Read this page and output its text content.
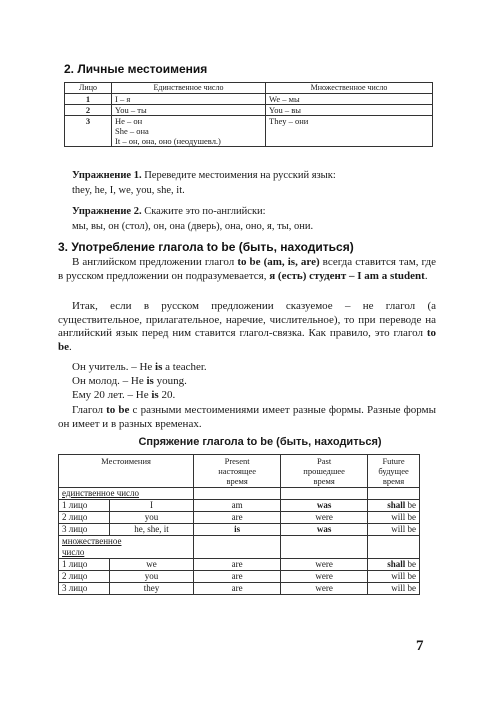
2. Личные местоимения
Лицо	Единственное число	Множественное число
1	I – я	We – мы
2	You – ты	You – вы
3	He – он
She – она
It – он, она, оно (неодушевл.)	They – они
Упражнение 1. Переведите местоимения на русский язык:
they, he, I, we, you, she, it.
Упражнение 2. Скажите это по-английски:
мы, вы, он (стол), он, она (дверь), она, оно, я, ты, они.
3. Употребление глагола to be (быть, находиться)
В английском предложении глагол to be (am, is, are) всегда ставится там, где в русском предложении он подразумевается, я (есть) студент – I am a student.
Итак, если в русском предложении сказуемое – не глагол (а существительное, прилагательное, наречие, числительное), то при переводе на английский язык перед ним ставится глагол-связка. Как правило, это глагол to be.
Он учитель. – He is a teacher.
Он молод. – He is young.
Ему 20 лет. – He is 20.
Глагол to be с разными местоимениями имеет разные формы. Разные формы он имеет и в разных временах.
Спряжение глагола to be (быть, находиться)
Местоимения		Present
настоящее
время	Past
прошедшее
время	Future
будущее
время
единственное число				
1 лицо	I	am	was	shall be
2 лицо	you	are	were	will be
3 лицо	he, she, it	is	was	will be
множественное
число				
1 лицо	we	are	were	shall be
2 лицо	you	are	were	will be
3 лицо	they	are	were	will be
7
